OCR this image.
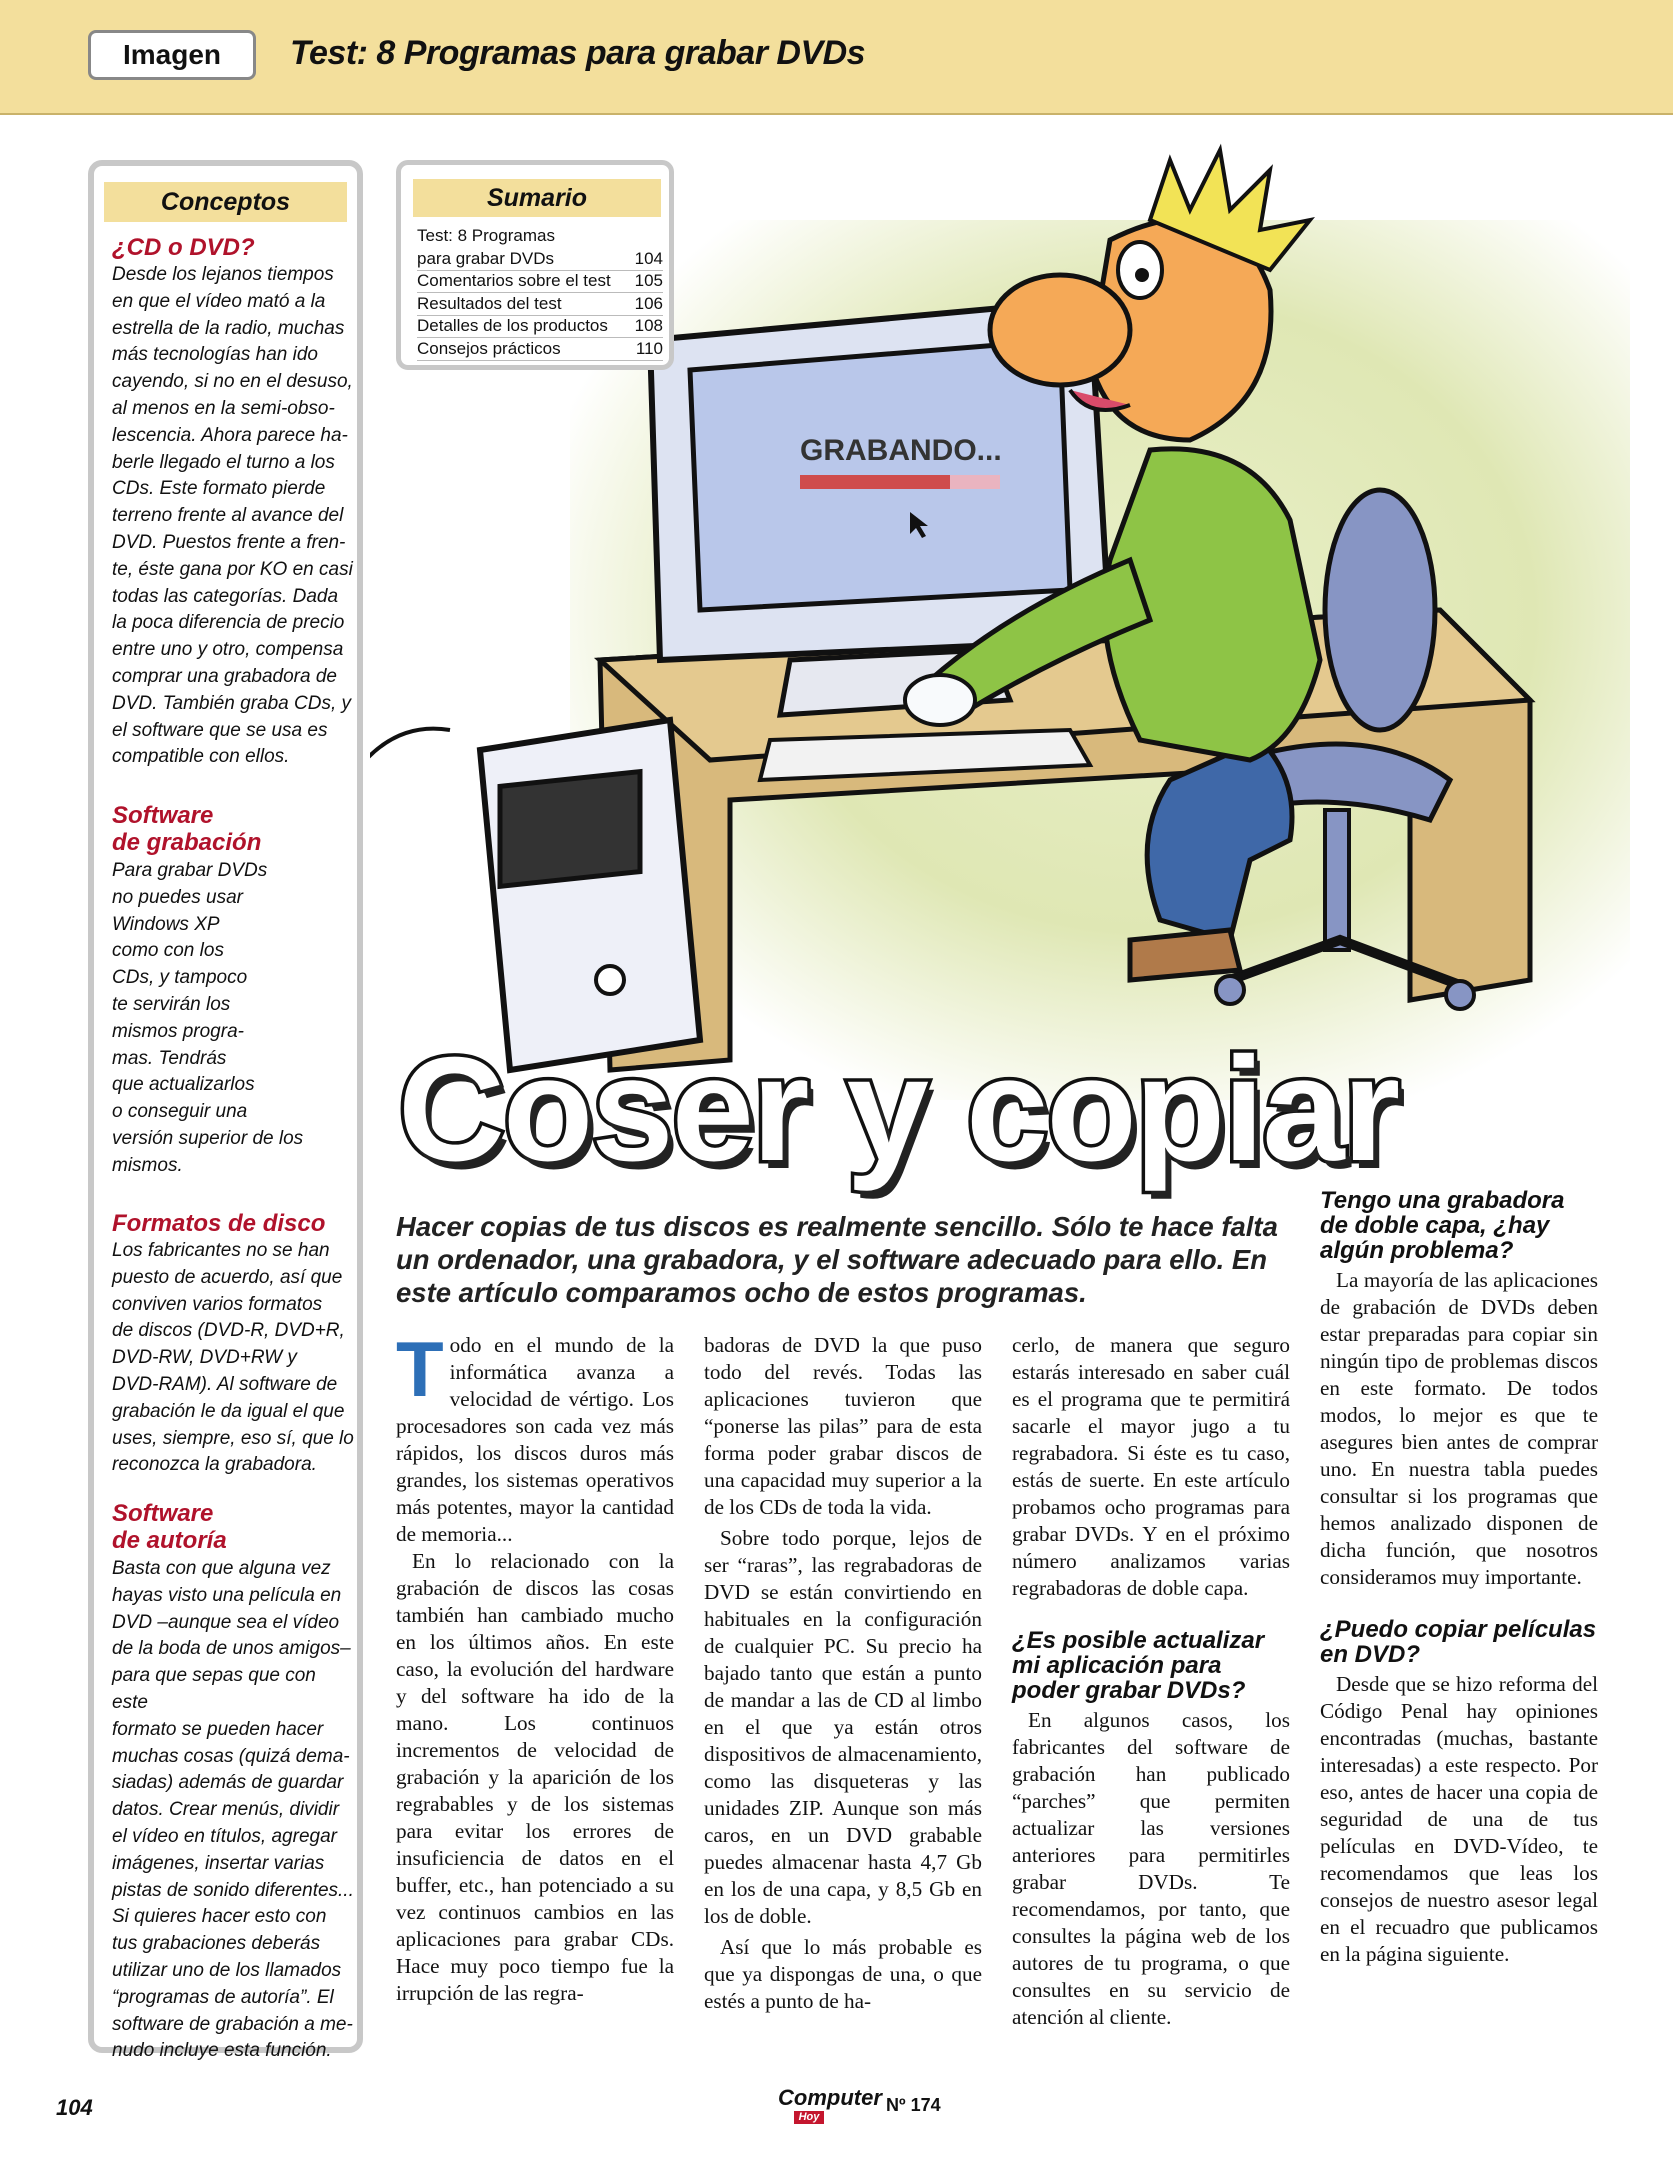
Imagen	Test: 8 Programas para grabar DVDs
Conceptos
¿CD o DVD?
Desde los lejanos tiempos
en que el vídeo mató a la
estrella de la radio, muchas
más tecnologías han ido
cayendo, si no en el desuso,
al menos en la semi-obso-
lescencia. Ahora parece ha-
berle llegado el turno a los
CDs. Este formato pierde
terreno frente al avance del
DVD. Puestos frente a fren-
te, éste gana por KO en casi
todas las categorías. Dada
la poca diferencia de precio
entre uno y otro, compensa
comprar una grabadora de
DVD. También graba CDs, y
el software que se usa es
compatible con ellos.
Software
de grabación
Para grabar DVDs
no puedes usar
Windows XP
como con los
CDs, y tampoco
te servirán los
mismos progra-
mas. Tendrás
que actualizarlos
o conseguir una
versión superior de los
mismos.
Formatos de disco
Los fabricantes no se han
puesto de acuerdo, así que
conviven varios formatos
de discos (DVD-R, DVD+R,
DVD-RW, DVD+RW y
DVD-RAM). Al software de
grabación le da igual el que
uses, siempre, eso sí, que lo
reconozca la grabadora.
Software
de autoría
Basta con que alguna vez
hayas visto una película en
DVD –aunque sea el vídeo
de la boda de unos amigos–
para que sepas que con este
formato se pueden hacer
muchas cosas (quizá dema-
siadas) además de guardar
datos. Crear menús, dividir
el vídeo en títulos, agregar
imágenes, insertar varias
pistas de sonido diferentes...
Si quieres hacer esto con
tus grabaciones deberás
utilizar uno de los llamados
“programas de autoría”. El
software de grabación a me-
nudo incluye esta función.
GRABANDO...
Sumario
Test: 8 Programas
para grabar DVDs	104
Comentarios sobre el test 105
Resultados del test	106
Detalles de los productos 108
Consejos prácticos	110
Coser y copiar
Hacer copias de tus discos es realmente sencillo. Sólo te hace falta un ordenador, una grabadora, y el software adecuado para ello. En este artículo comparamos ocho de estos programas.

Todo en el mundo de la informática avanza a velocidad de vértigo. Los procesadores son cada vez más rápidos, los discos duros más grandes, los sistemas operativos más potentes, mayor la cantidad de memoria...

En lo relacionado con la grabación de discos las cosas también han cambiado mucho en los últimos años. En este caso, la evolución del hardware y del software ha ido de la mano. Los continuos incrementos de velocidad de grabación y la aparición de los regrabables y de los sistemas para evitar los errores de insuficiencia de datos en el buffer, etc., han potenciado a su vez continuos cambios en las aplicaciones para grabar CDs. Hace muy poco tiempo fue la irrupción de las regra-

badoras de DVD la que puso todo del revés. Todas las aplicaciones tuvieron que “ponerse las pilas” para de esta forma poder grabar discos de una capacidad muy superior a la de los CDs de toda la vida.

Sobre todo porque, lejos de ser “raras”, las regrabadoras de DVD se están convirtiendo en habituales en la configuración de cualquier PC. Su precio ha bajado tanto que están a punto de mandar a las de CD al limbo en el que ya están otros dispositivos de almacenamiento, como las disqueteras y las unidades ZIP. Aunque son más caros, en un DVD grabable puedes almacenar hasta 4,7 Gb en los de una capa, y 8,5 Gb en los de doble.

Así que lo más probable es que ya dispongas de una, o que estés a punto de ha-

cerlo, de manera que seguro estarás interesado en saber cuál es el programa que te permitirá sacarle el mayor jugo a tu regrabadora. Si éste es tu caso, estás de suerte. En este artículo probamos ocho programas para grabar DVDs. Y en el próximo número analizamos varias regrabadoras de doble capa.

¿Es posible actualizar mi aplicación para poder grabar DVDs?

En algunos casos, los fabricantes del software de grabación han publicado “parches” que permiten actualizar las versiones anteriores para permitirles grabar DVDs. Te recomendamos, por tanto, que consultes la página web de los autores de tu programa, o que consultes en su servicio de atención al cliente.

Tengo una grabadora de doble capa, ¿hay algún problema?

La mayoría de las aplicaciones de grabación de DVDs deben estar preparadas para copiar sin ningún tipo de problemas discos en este formato. De todos modos, lo mejor es que te asegures bien antes de comprar uno. En nuestra tabla puedes consultar si los programas que hemos analizado disponen de dicha función, que nosotros consideramos muy importante.

¿Puedo copiar películas en DVD?

Desde que se hizo reforma del Código Penal hay opiniones encontradas (muchas, bastante interesadas) a este respecto. Por eso, antes de hacer una copia de seguridad de una de tus películas en DVD-Vídeo, te recomendamos que leas los consejos de nuestro asesor legal en el recuadro que publicamos en la página siguiente.

104	Computer
Hoy
Nº 174
